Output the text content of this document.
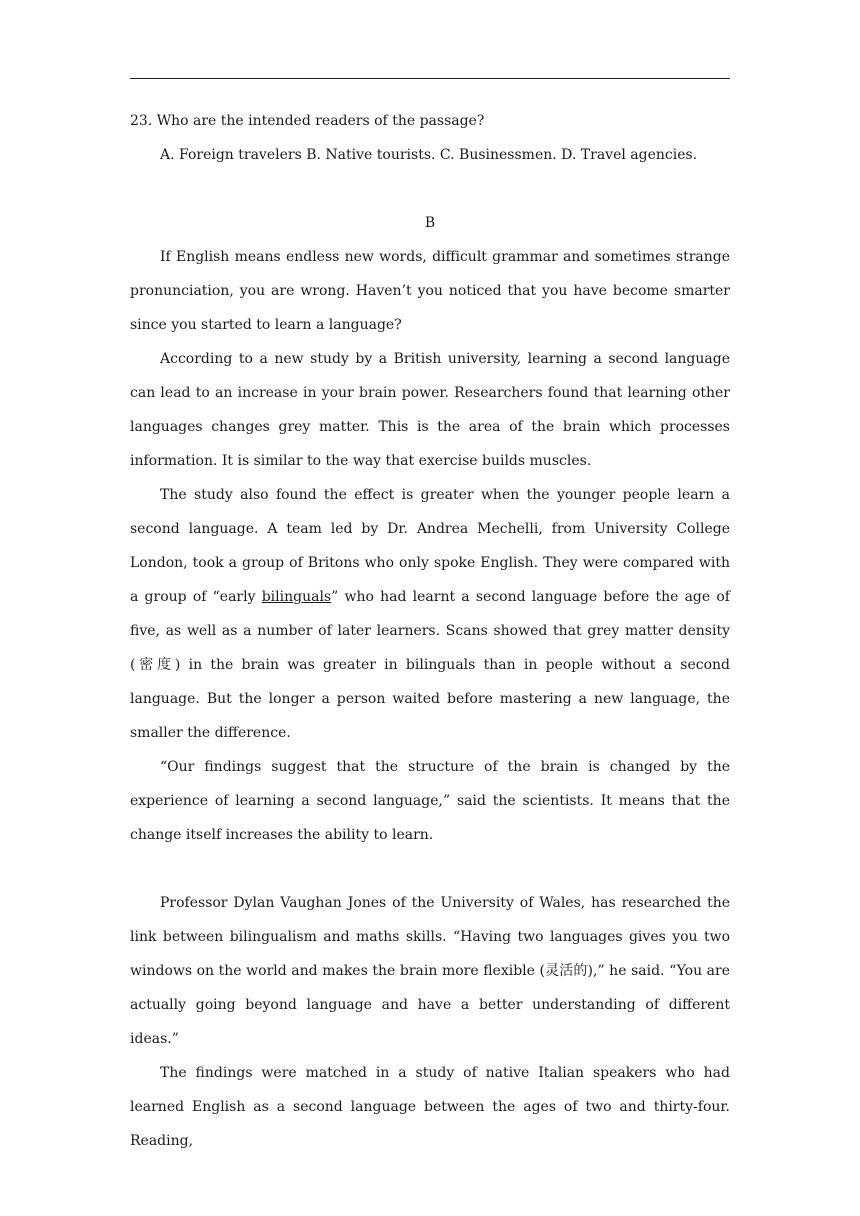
23. Who are the intended readers of the passage?

A. Foreign travelers B. Native tourists. C. Businessmen. D. Travel agencies.

B

If English means endless new words, difficult grammar and sometimes strange pronunciation, you are wrong. Haven’t you noticed that you have become smarter since you started to learn a language?

According to a new study by a British university, learning a second language can lead to an increase in your brain power. Researchers found that learning other languages changes grey matter. This is the area of the brain which processes information. It is similar to the way that exercise builds muscles.

The study also found the effect is greater when the younger people learn a second language. A team led by Dr. Andrea Mechelli, from University College London, took a group of Britons who only spoke English. They were compared with a group of “early bilinguals” who had learnt a second language before the age of five, as well as a number of later learners. Scans showed that grey matter density (密度) in the brain was greater in bilinguals than in people without a second language. But the longer a person waited before mastering a new language, the smaller the difference.

“Our findings suggest that the structure of the brain is changed by the experience of learning a second language,” said the scientists. It means that the change itself increases the ability to learn.

Professor Dylan Vaughan Jones of the University of Wales, has researched the link between bilingualism and maths skills. “Having two languages gives you two windows on the world and makes the brain more flexible (灵活的),” he said. “You are actually going beyond language and have a better understanding of different ideas.”

The findings were matched in a study of native Italian speakers who had learned English as a second language between the ages of two and thirty-four. Reading,
